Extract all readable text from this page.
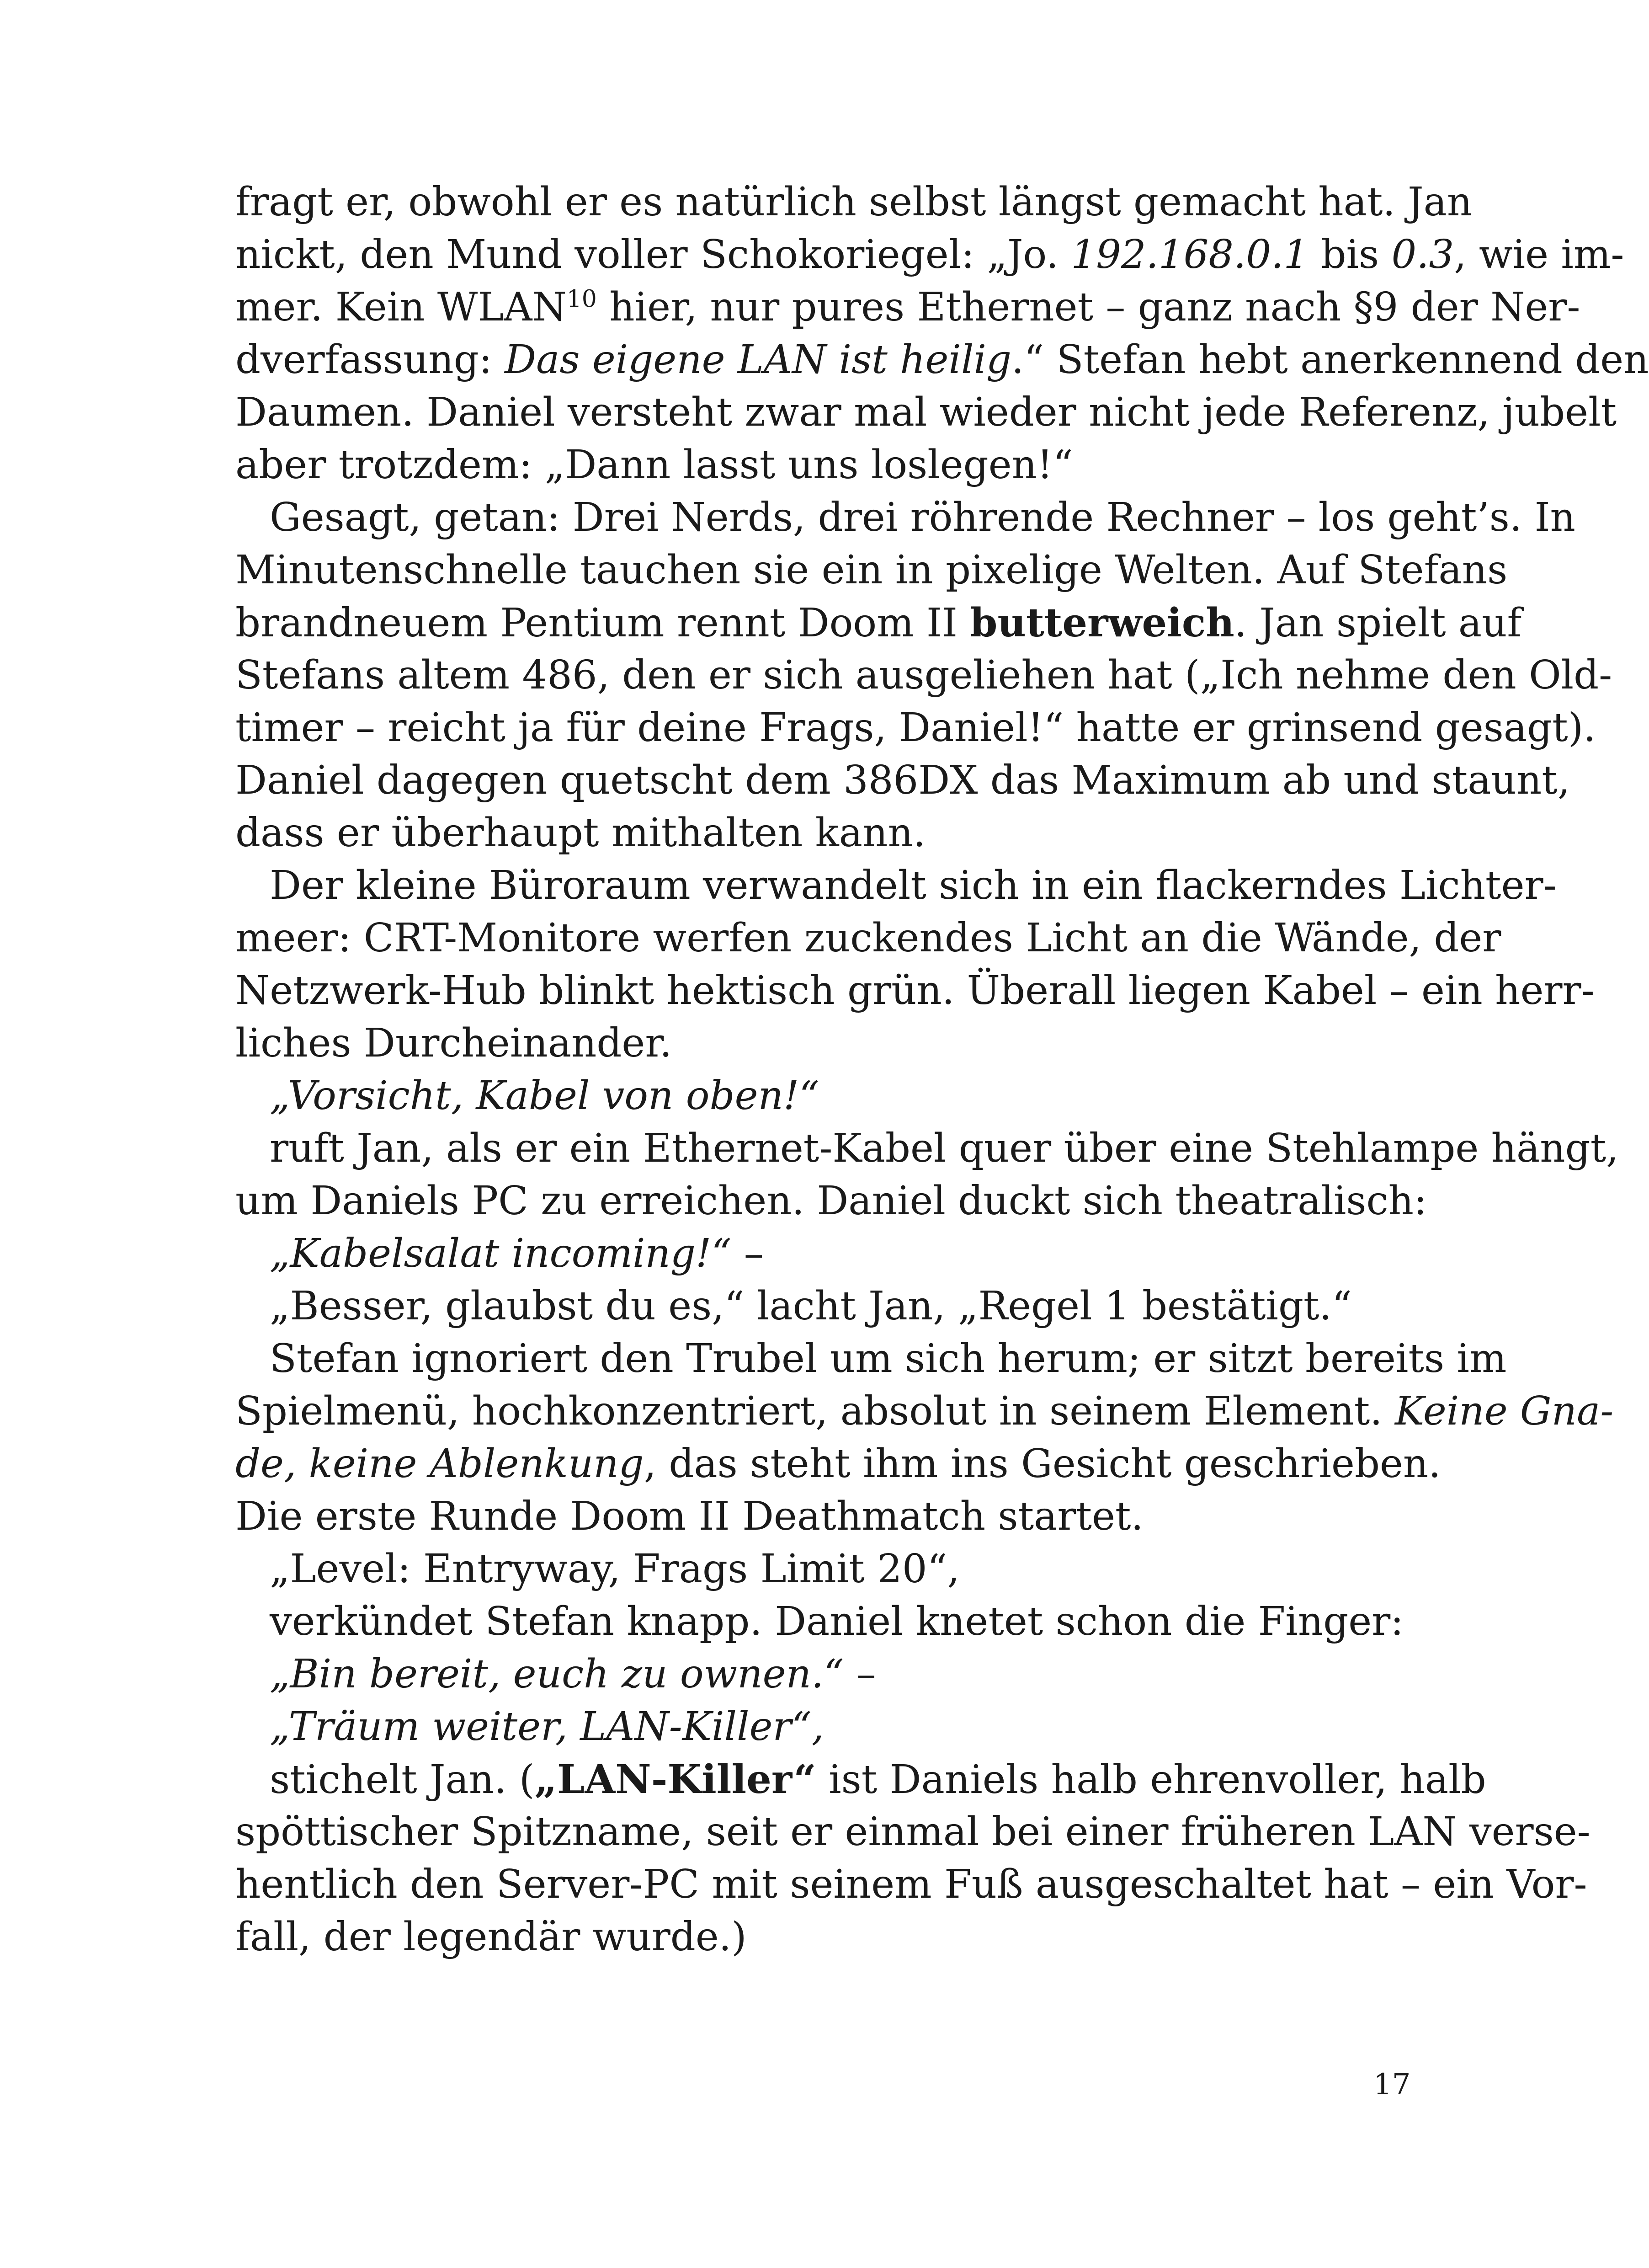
fragt er, obwohl er es natürlich selbst längst gemacht hat. Jan
nickt, den Mund voller Schokoriegel: „Jo. 192.168.0.1 bis 0.3, wie im-
mer. Kein WLAN$^{10}$ hier, nur pures Ethernet – ganz nach §9 der Ner-
dverfassung: Das eigene LAN ist heilig.“ Stefan hebt anerkennend den
Daumen. Daniel versteht zwar mal wieder nicht jede Referenz, jubelt
aber trotzdem: „Dann lasst uns loslegen!“
Gesagt, getan: Drei Nerds, drei röhrende Rechner – los geht’s. In
Minutenschnelle tauchen sie ein in pixelige Welten. Auf Stefans
brandneuem Pentium rennt Doom II butterweich. Jan spielt auf
Stefans altem 486, den er sich ausgeliehen hat („Ich nehme den Old-
timer – reicht ja für deine Frags, Daniel!“ hatte er grinsend gesagt).
Daniel dagegen quetscht dem 386DX das Maximum ab und staunt,
dass er überhaupt mithalten kann.
Der kleine Büroraum verwandelt sich in ein flackerndes Lichter-
meer: CRT-Monitore werfen zuckendes Licht an die Wände, der
Netzwerk-Hub blinkt hektisch grün. Überall liegen Kabel – ein herr-
liches Durcheinander.
„Vorsicht, Kabel von oben!“
ruft Jan, als er ein Ethernet-Kabel quer über eine Stehlampe hängt,
um Daniels PC zu erreichen. Daniel duckt sich theatralisch:
„Kabelsalat incoming!“ –
„Besser, glaubst du es,“ lacht Jan, „Regel 1 bestätigt.“
Stefan ignoriert den Trubel um sich herum; er sitzt bereits im
Spielmenü, hochkonzentriert, absolut in seinem Element. Keine Gna-
de, keine Ablenkung, das steht ihm ins Gesicht geschrieben.
Die erste Runde Doom II Deathmatch startet.
„Level: Entryway, Frags Limit 20“,
verkündet Stefan knapp. Daniel knetet schon die Finger:
„Bin bereit, euch zu ownen.“ –
„Träum weiter, LAN-Killer“,
stichelt Jan. („LAN-Killer“ ist Daniels halb ehrenvoller, halb
spöttischer Spitzname, seit er einmal bei einer früheren LAN verse-
hentlich den Server-PC mit seinem Fuß ausgeschaltet hat – ein Vor-
fall, der legendär wurde.)
17
